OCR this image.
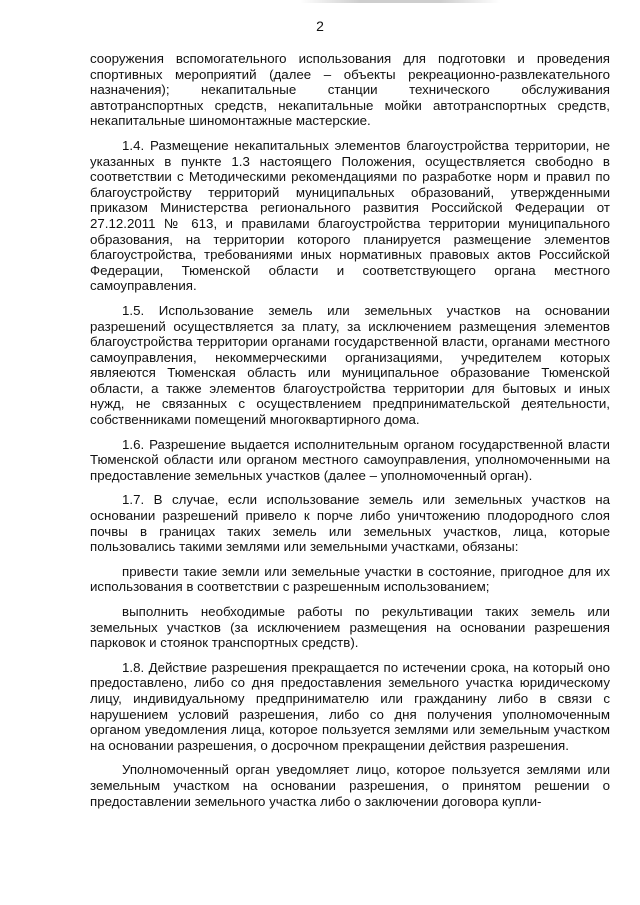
2

сооружения вспомогательного использования для подготовки и проведения спортивных мероприятий (далее – объекты рекреационно-развлекательного назначения); некапитальные станции технического обслуживания автотранспортных средств, некапитальные мойки автотранспортных средств, некапитальные шиномонтажные мастерские.

1.4. Размещение некапитальных элементов благоустройства территории, не указанных в пункте 1.3 настоящего Положения, осуществляется свободно в соответствии с Методическими рекомендациями по разработке норм и правил по благоустройству территорий муниципальных образований, утвержденными приказом Министерства регионального развития Российской Федерации от 27.12.2011 № 613, и правилами благоустройства территории муниципального образования, на территории которого планируется размещение элементов благоустройства, требованиями иных нормативных правовых актов Российской Федерации, Тюменской области и соответствующего органа местного самоуправления.

1.5. Использование земель или земельных участков на основании разрешений осуществляется за плату, за исключением размещения элементов благоустройства территории органами государственной власти, органами местного самоуправления, некоммерческими организациями, учредителем которых являеются Тюменская область или муниципальное образование Тюменской области, а также элементов благоустройства территории для бытовых и иных нужд, не связанных с осуществлением предпринимательской деятельности, собственниками помещений многоквартирного дома.

1.6. Разрешение выдается исполнительным органом государственной власти Тюменской области или органом местного самоуправления, уполномоченными на предоставление земельных участков (далее – уполномоченный орган).

1.7. В случае, если использование земель или земельных участков на основании разрешений привело к порче либо уничтожению плодородного слоя почвы в границах таких земель или земельных участков, лица, которые пользовались такими землями или земельными участками, обязаны:

привести такие земли или земельные участки в состояние, пригодное для их использования в соответствии с разрешенным использованием;

выполнить необходимые работы по рекультивации таких земель или земельных участков (за исключением размещения на основании разрешения парковок и стоянок транспортных средств).

1.8. Действие разрешения прекращается по истечении срока, на который оно предоставлено, либо со дня предоставления земельного участка юридическому лицу, индивидуальному предпринимателю или гражданину либо в связи с нарушением условий разрешения, либо со дня получения уполномоченным органом уведомления лица, которое пользуется землями или земельным участком на основании разрешения, о досрочном прекращении действия разрешения.

Уполномоченный орган уведомляет лицо, которое пользуется землями или земельным участком на основании разрешения, о принятом решении о предоставлении земельного участка либо о заключении договора купли-
